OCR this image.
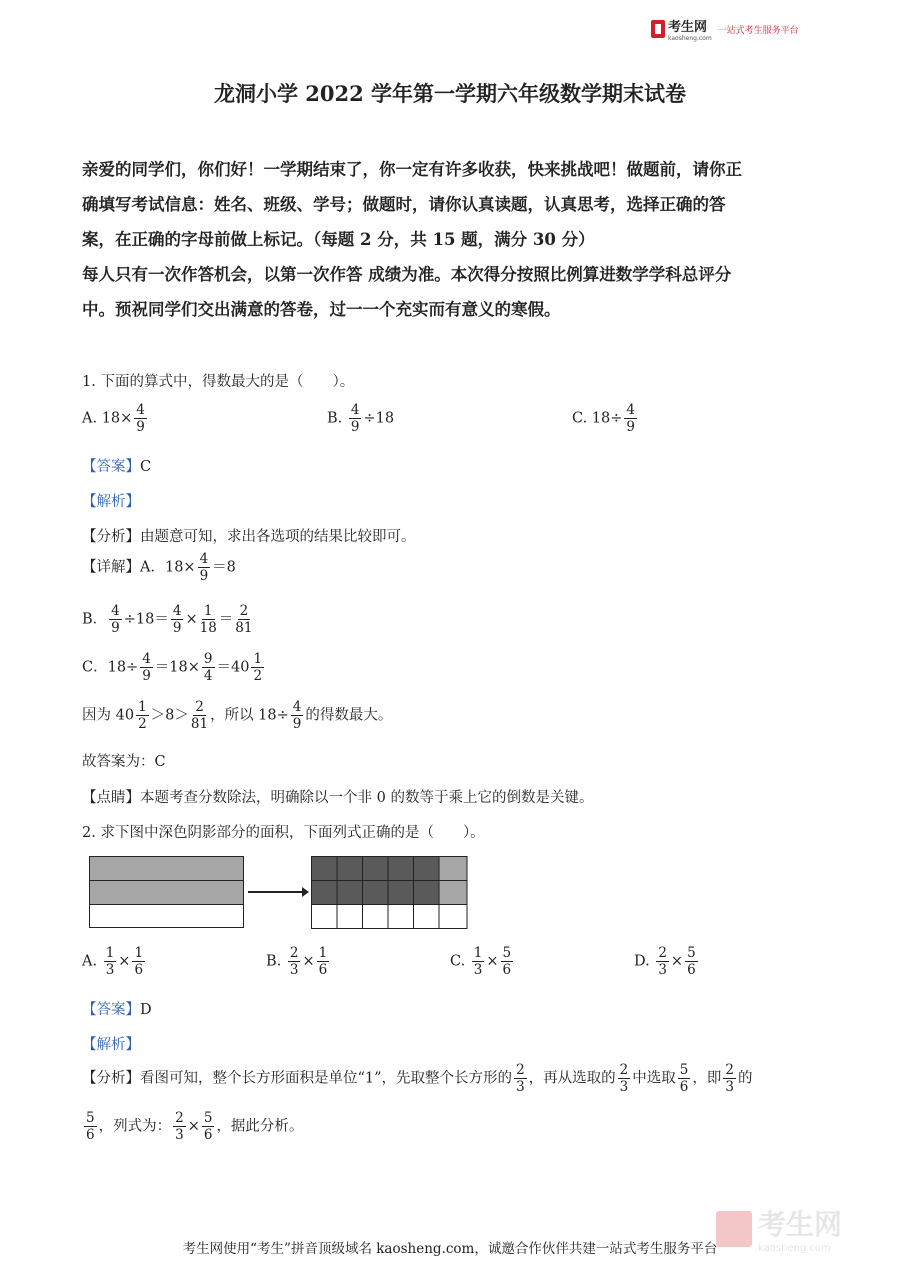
考生网
kaosheng.com
一站式考生服务平台
龙洞小学 2022 学年第一学期六年级数学期末试卷

亲爱的同学们，你们好！一学期结束了，你一定有许多收获，快来挑战吧！做题前，请你正

确填写考试信息：姓名、班级、学号；做题时，请你认真读题，认真思考，选择正确的答

案，在正确的字母前做上标记。（每题 2 分，共 15 题，满分 30 分）

每人只有一次作答机会，以第一次作答 成绩为准。本次得分按照比例算进数学学科总评分

中。预祝同学们交出满意的答卷，过一一个充实而有意义的寒假。

1. 下面的算式中，得数最大的是（　　）。
A. $18\times \frac{4}{9}$	B. $\frac{4}{9} \div 18$	C. $18\div \frac{4}{9}$
【答案】C
【解析】
【分析】由题意可知，求出各选项的结果比较即可。
【详解】A．$18\times \frac{4}{9} =8$
B． $\frac{4}{9} \div 18= \frac{4}{9} \times \frac{1}{18} = \frac{2}{81}$
C．$18\div \frac{4}{9} =18\times \frac{9}{4} =40 \frac{1}{2}$
因为 $40 \frac{1}{2} >8> \frac{2}{81}$ ，所以 $18\div \frac{4}{9}$ 的得数最大。
故答案为：C
【点睛】本题考查分数除法，明确除以一个非 0 的数等于乘上它的倒数是关键。
2. 求下图中深色阴影部分的面积，下面列式正确的是（　　）。
A. $\frac{1}{3} \times \frac{1}{6}$	B. $\frac{2}{3} \times \frac{1}{6}$	C. $\frac{1}{3} \times \frac{5}{6}$	D. $\frac{2}{3} \times \frac{5}{6}$
【答案】D
【解析】
【分析】看图可知，整个长方形面积是单位“1”，先取整个长方形的 $\frac{2}{3}$ ，再从选取的 $\frac{2}{3}$ 中选取 $\frac{5}{6}$ ，即 $\frac{2}{3}$ 的
$\frac{5}{6}$ ，列式为： $\frac{2}{3} \times \frac{5}{6}$ ，据此分析。
考生网
kaosheng.com
考生网使用“考生”拼音顶级域名 kaosheng.com，诚邀合作伙伴共建一站式考生服务平台
